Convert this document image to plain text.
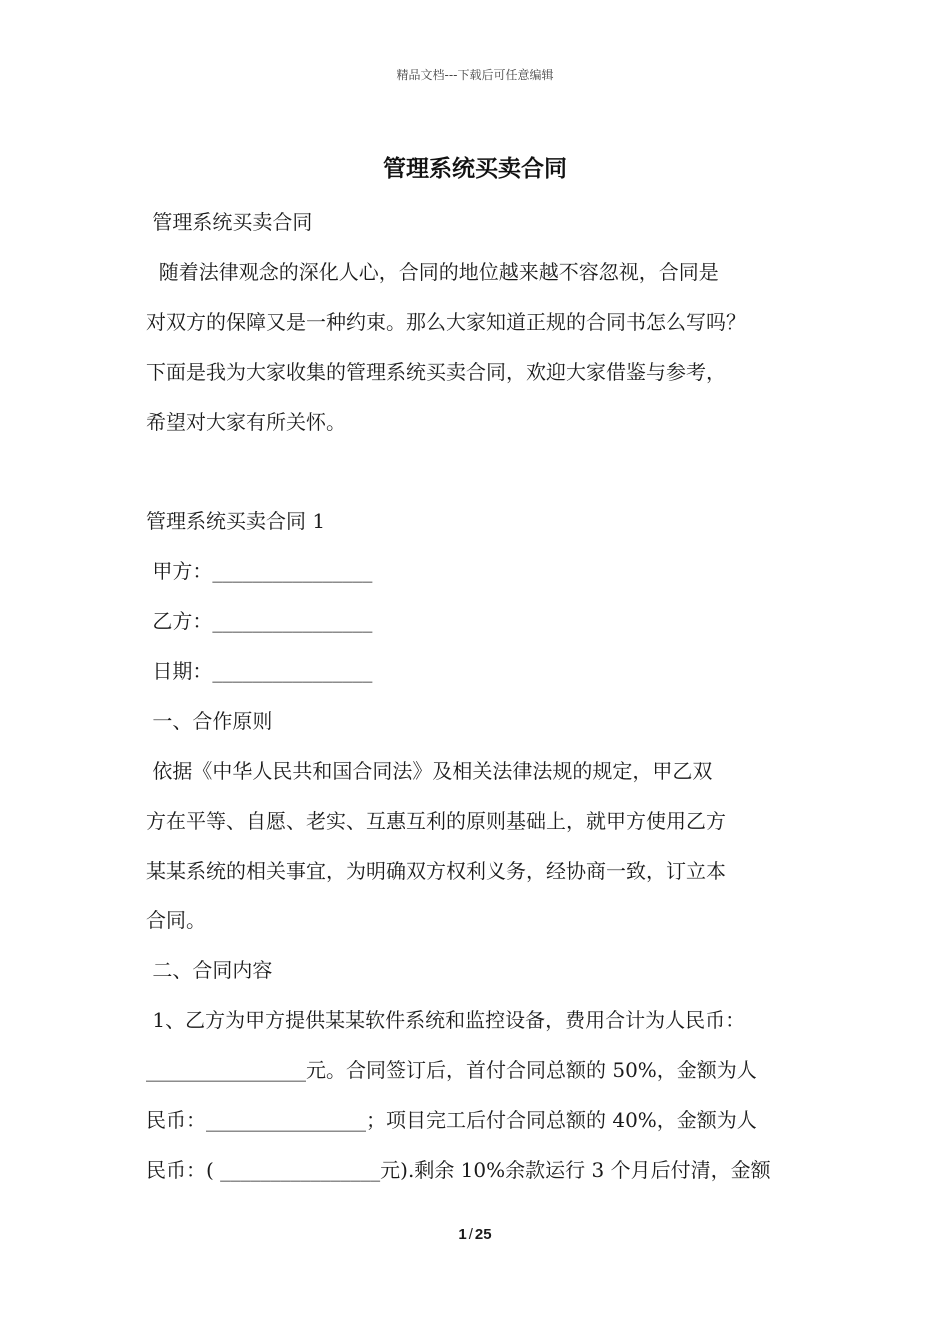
精品文档---下载后可任意编辑
管理系统买卖合同
管理系统买卖合同
随着法律观念的深化人心，合同的地位越来越不容忽视，合同是
对双方的保障又是一种约束。那么大家知道正规的合同书怎么写吗？
下面是我为大家收集的管理系统买卖合同，欢迎大家借鉴与参考，
希望对大家有所关怀。
管理系统买卖合同 1
甲方：________________
乙方：________________
日期：________________
一、合作原则
依据《中华人民共和国合同法》及相关法律法规的规定，甲乙双
方在平等、自愿、老实、互惠互利的原则基础上，就甲方使用乙方
某某系统的相关事宜，为明确双方权利义务，经协商一致，订立本
合同。
二、合同内容
1、乙方为甲方提供某某软件系统和监控设备，费用合计为人民币：
________________元。合同签订后，首付合同总额的 50%，金额为人
民币：________________；项目完工后付合同总额的 40%，金额为人
民币：( ________________元).剩余 10%余款运行 3 个月后付清，金额
1 / 25
